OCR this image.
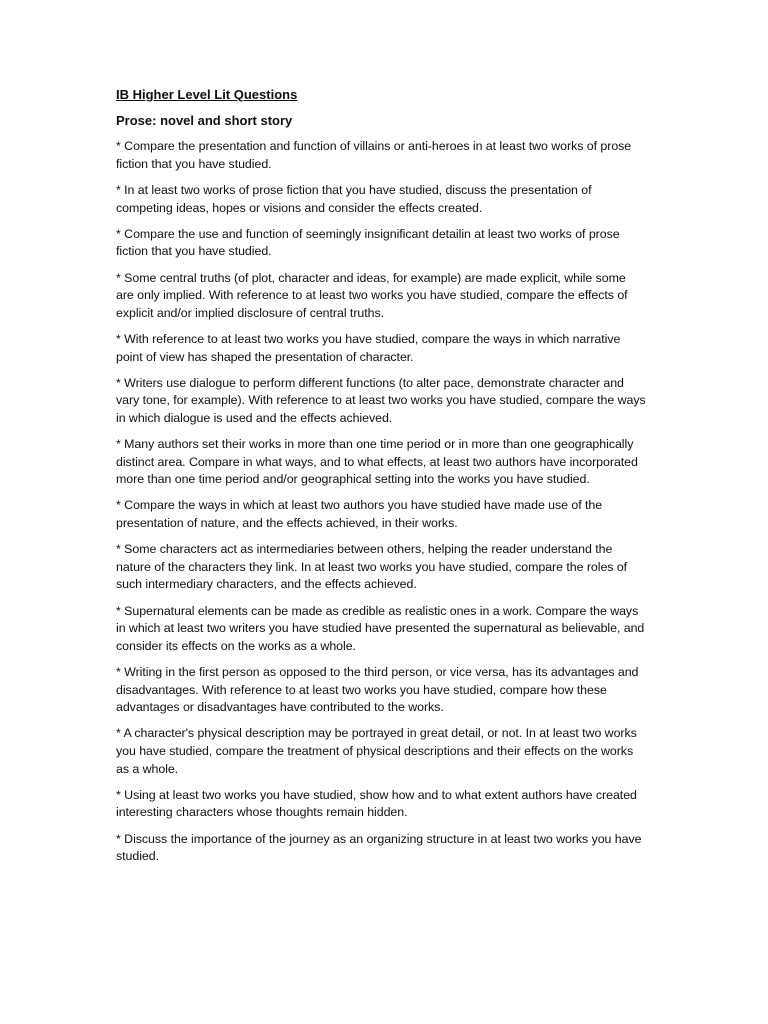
IB Higher Level Lit Questions
Prose: novel and short story

* Compare the presentation and function of villains or anti-heroes in at least two works of prose fiction that you have studied.

* In at least two works of prose fiction that you have studied, discuss the presentation of competing ideas, hopes or visions and consider the effects created.

* Compare the use and function of seemingly insignificant detailin at least two works of prose fiction that you have studied.

* Some central truths (of plot, character and ideas, for example) are made explicit, while some are only implied. With reference to at least two works you have studied, compare the effects of explicit and/or implied disclosure of central truths.

* With reference to at least two works you have studied, compare the ways in which narrative point of view has shaped the presentation of character.

* Writers use dialogue to perform different functions (to alter pace, demonstrate character and vary tone, for example). With reference to at least two works you have studied, compare the ways in which dialogue is used and the effects achieved.

* Many authors set their works in more than one time period or in more than one geographically distinct area. Compare in what ways, and to what effects, at least two authors have incorporated more than one time period and/or geographical setting into the works you have studied.

* Compare the ways in which at least two authors you have studied have made use of the presentation of nature, and the effects achieved, in their works.

* Some characters act as intermediaries between others, helping the reader understand the nature of the characters they link. In at least two works you have studied, compare the roles of such intermediary characters, and the effects achieved.

* Supernatural elements can be made as credible as realistic ones in a work. Compare the ways in which at least two writers you have studied have presented the supernatural as believable, and consider its effects on the works as a whole.

* Writing in the first person as opposed to the third person, or vice versa, has its advantages and disadvantages. With reference to at least two works you have studied, compare how these advantages or disadvantages have contributed to the works.

* A character's physical description may be portrayed in great detail, or not. In at least two works you have studied, compare the treatment of physical descriptions and their effects on the works as a whole.

* Using at least two works you have studied, show how and to what extent authors have created interesting characters whose thoughts remain hidden.

* Discuss the importance of the journey as an organizing structure in at least two works you have studied.
